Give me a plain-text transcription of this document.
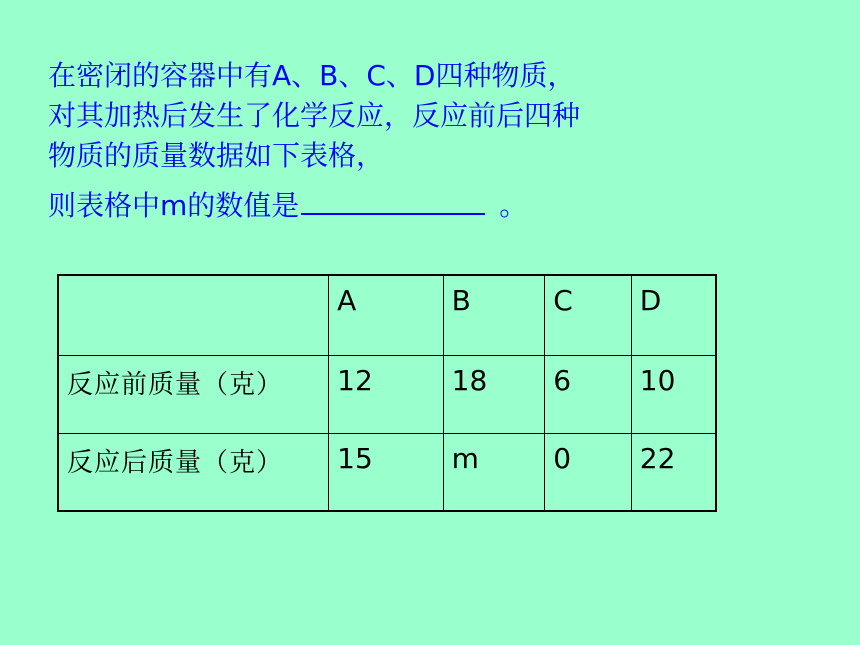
在密闭的容器中有A、B、C、D四种物质，
对其加热后发生了化学反应，反应前后四种
物质的质量数据如下表格，
则表格中m的数值是	。
	A	B	C	D
反应前质量（克）	12	18	6	10
反应后质量（克）	15	m	0	22
